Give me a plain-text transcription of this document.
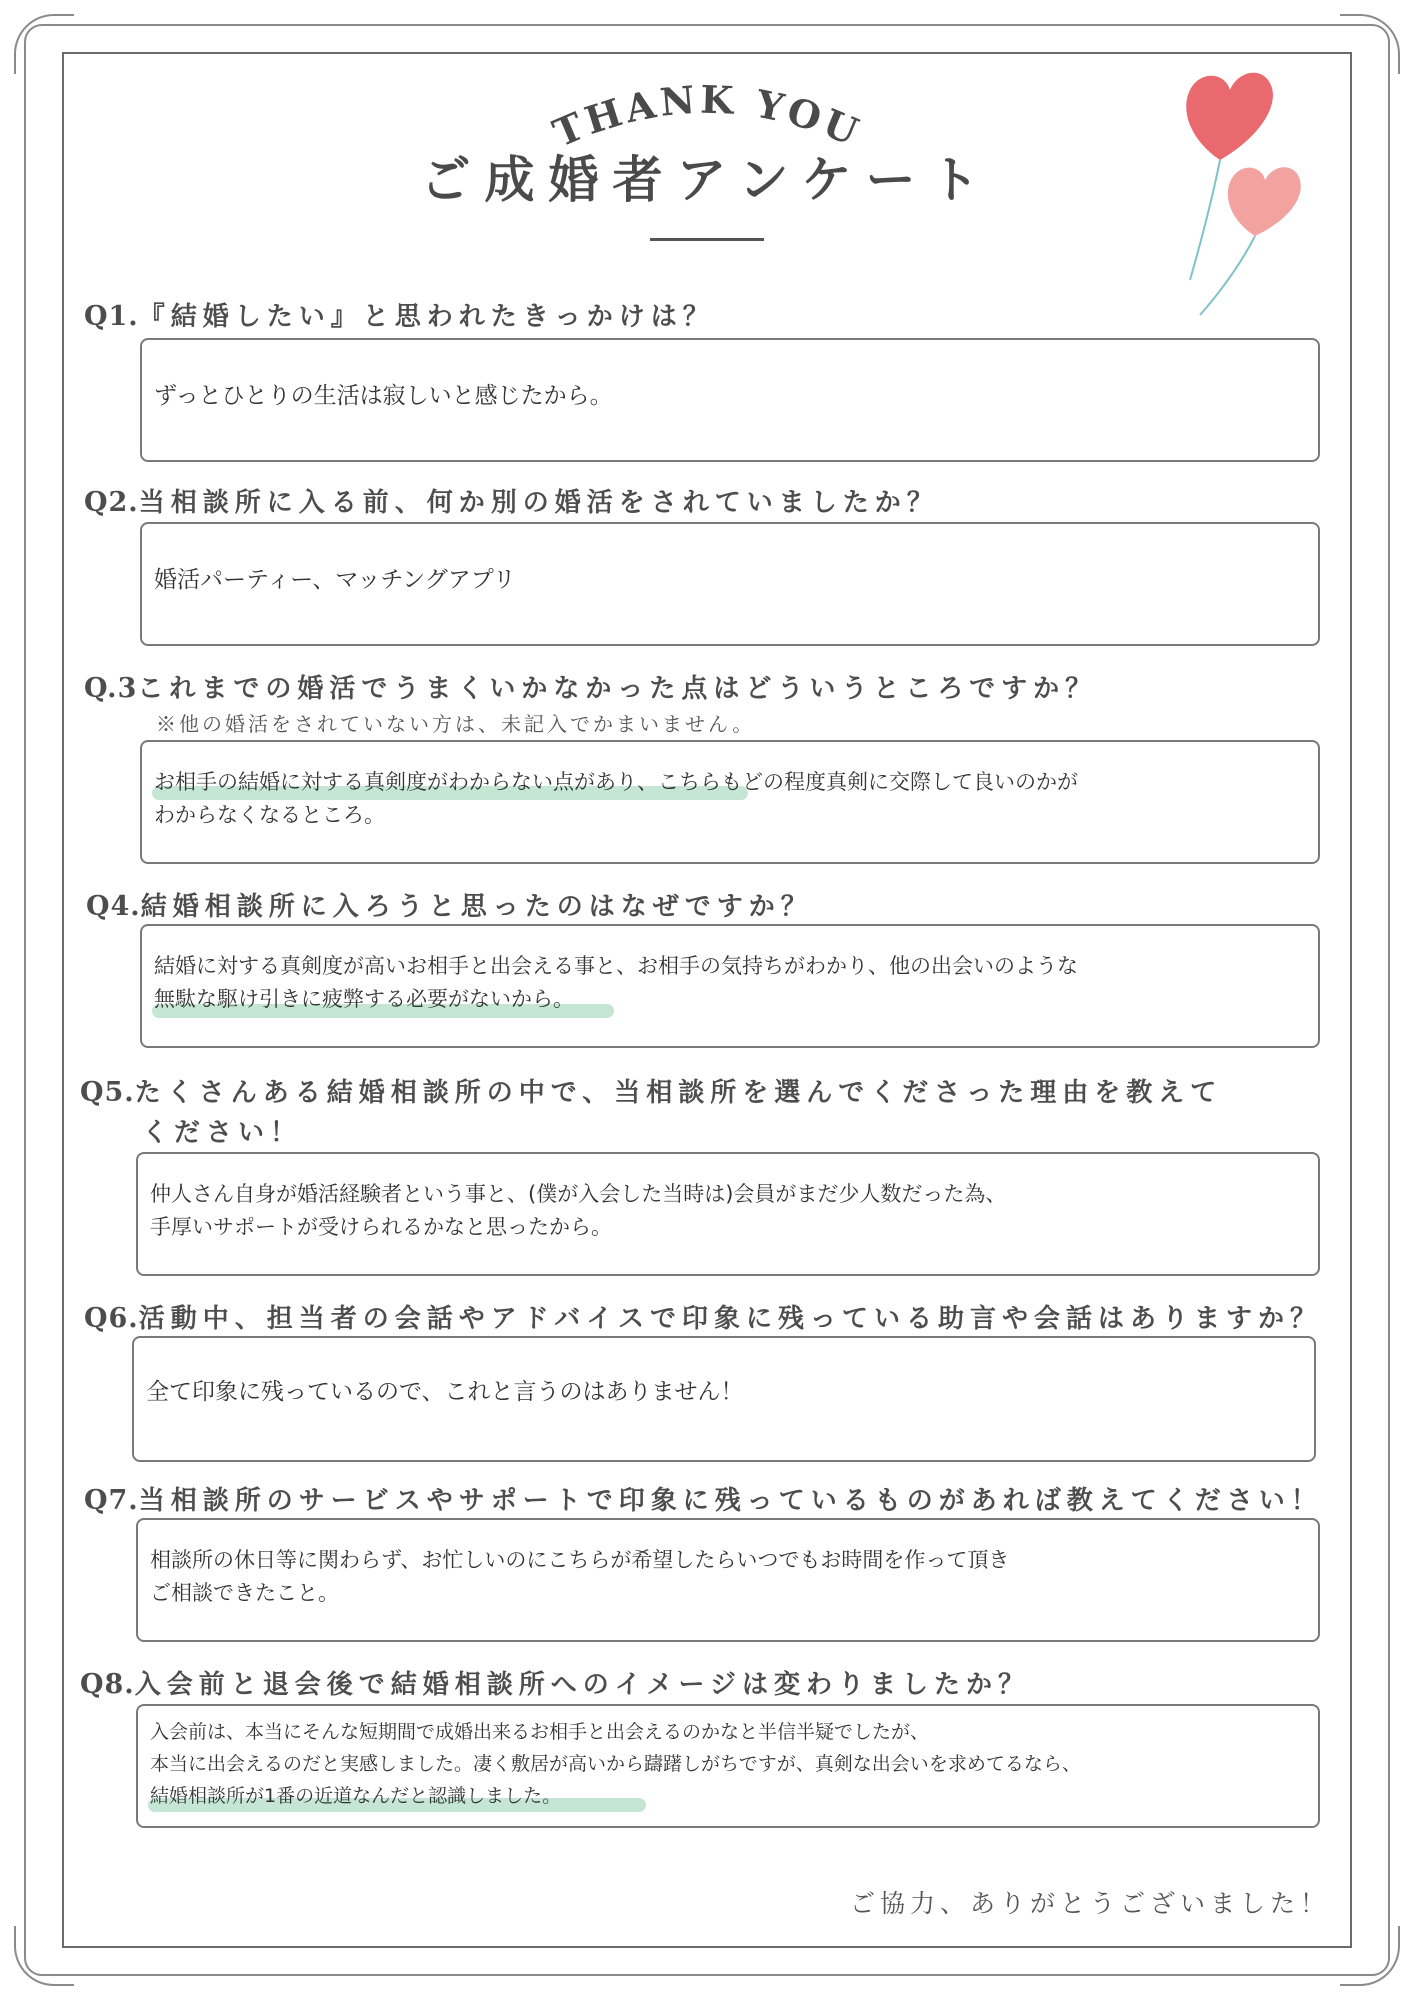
THANK YOU
ご成婚者アンケート
Q1.『結婚したい』と思われたきっかけは？
ずっとひとりの生活は寂しいと感じたから。
Q2.当相談所に入る前、何か別の婚活をされていましたか？
婚活パーティー、マッチングアプリ
Q.3これまでの婚活でうまくいかなかった点はどういうところですか？
※他の婚活をされていない方は、未記入でかまいません。
お相手の結婚に対する真剣度がわからない点があり、こちらもどの程度真剣に交際して良いのかが
わからなくなるところ。
Q4.結婚相談所に入ろうと思ったのはなぜですか？
結婚に対する真剣度が高いお相手と出会える事と、お相手の気持ちがわかり、他の出会いのような
無駄な駆け引きに疲弊する必要がないから。
Q5.たくさんある結婚相談所の中で、当相談所を選んでくださった理由を教えて
ください！
仲人さん自身が婚活経験者という事と、(僕が入会した当時は)会員がまだ少人数だった為、
手厚いサポートが受けられるかなと思ったから。
Q6.活動中、担当者の会話やアドバイスで印象に残っている助言や会話はありますか？
全て印象に残っているので、これと言うのはありません！
Q7.当相談所のサービスやサポートで印象に残っているものがあれば教えてください！
相談所の休日等に関わらず、お忙しいのにこちらが希望したらいつでもお時間を作って頂き
ご相談できたこと。
Q8.入会前と退会後で結婚相談所へのイメージは変わりましたか？
入会前は、本当にそんな短期間で成婚出来るお相手と出会えるのかなと半信半疑でしたが、
本当に出会えるのだと実感しました。凄く敷居が高いから躊躇しがちですが、真剣な出会いを求めてるなら、
結婚相談所が1番の近道なんだと認識しました。
ご協力、ありがとうございました！
